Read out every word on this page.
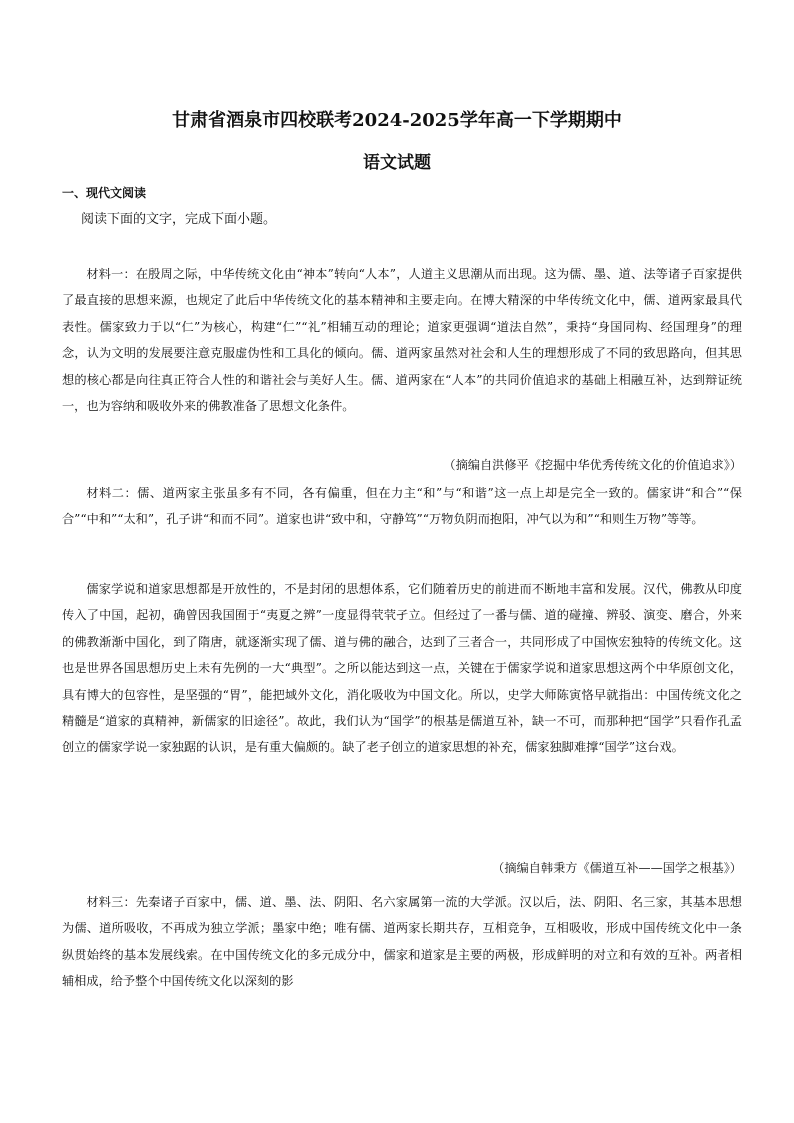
甘肃省酒泉市四校联考2024-2025学年高一下学期期中
语文试题
一、现代文阅读
阅读下面的文字，完成下面小题。

材料一：在殷周之际，中华传统文化由“神本”转向“人本”，人道主义思潮从而出现。这为儒、墨、道、法等诸子百家提供了最直接的思想来源，也规定了此后中华传统文化的基本精神和主要走向。在博大精深的中华传统文化中，儒、道两家最具代表性。儒家致力于以“仁”为核心，构建“仁”“礼”相辅互动的理论；道家更强调“道法自然”，秉持“身国同构、经国理身”的理念，认为文明的发展要注意克服虚伪性和工具化的倾向。儒、道两家虽然对社会和人生的理想形成了不同的致思路向，但其思想的核心都是向往真正符合人性的和谐社会与美好人生。儒、道两家在“人本”的共同价值追求的基础上相融互补，达到辩证统一，也为容纳和吸收外来的佛教准备了思想文化条件。

（摘编自洪修平《挖掘中华优秀传统文化的价值追求》）

材料二：儒、道两家主张虽多有不同，各有偏重，但在力主“和”与“和谐”这一点上却是完全一致的。儒家讲“和合”“保合”“中和”“太和”，孔子讲“和而不同”。道家也讲“致中和，守静笃”“万物负阴而抱阳，冲气以为和”“和则生万物”等等。

儒家学说和道家思想都是开放性的，不是封闭的思想体系，它们随着历史的前进而不断地丰富和发展。汉代，佛教从印度传入了中国，起初，确曾因我国囿于“夷夏之辨”一度显得茕茕孑立。但经过了一番与儒、道的碰撞、辨驳、演变、磨合，外来的佛教渐渐中国化，到了隋唐，就逐渐实现了儒、道与佛的融合，达到了三者合一，共同形成了中国恢宏独特的传统文化。这也是世界各国思想历史上未有先例的一大“典型”。之所以能达到这一点，关键在于儒家学说和道家思想这两个中华原创文化，具有博大的包容性，是坚强的“胃”，能把域外文化，消化吸收为中国文化。所以，史学大师陈寅恪早就指出：中国传统文化之精髓是“道家的真精神，新儒家的旧途径”。故此，我们认为“国学”的根基是儒道互补，缺一不可，而那种把“国学”只看作孔孟创立的儒家学说一家独踞的认识，是有重大偏颇的。缺了老子创立的道家思想的补充，儒家独脚难撑“国学”这台戏。

（摘编自韩秉方《儒道互补——国学之根基》）

材料三：先秦诸子百家中，儒、道、墨、法、阴阳、名六家属第一流的大学派。汉以后，法、阴阳、名三家，其基本思想为儒、道所吸收，不再成为独立学派；墨家中绝；唯有儒、道两家长期共存，互相竞争，互相吸收，形成中国传统文化中一条纵贯始终的基本发展线索。在中国传统文化的多元成分中，儒家和道家是主要的两极，形成鲜明的对立和有效的互补。两者相辅相成，给予整个中国传统文化以深刻的影
